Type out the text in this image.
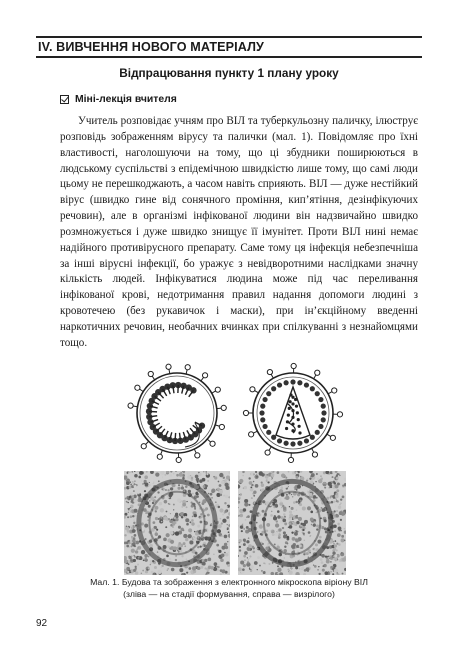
IV. ВИВЧЕННЯ НОВОГО МАТЕРІАЛУ
Відпрацювання пункту 1 плану уроку
Міні-лекція вчителя

Учитель розповідає учням про ВІЛ та туберкульозну паличку, ілюструє розповідь зображенням вірусу та палички (мал. 1). Повідомляє про їхні властивості, наголошуючи на тому, що ці збудники поширюються в людському суспільстві з епідемічною швидкістю лише тому, що самі люди цьому не перешкоджають, а часом навіть сприяють. ВІЛ — дуже нестійкий вірус (швидко гине від сонячного проміння, кип’ятіння, дезінфікуючих речовин), але в організмі інфікованої людини він надзвичайно швидко розмножується і дуже швидко знищує її імунітет. Проти ВІЛ нині немає надійного противірусного препарату. Саме тому ця інфекція небезпечніша за інші вірусні інфекції, бо уражує з невідворотними наслідками значну кількість людей. Інфікуватися людина може під час переливання інфікованої крові, недотримання правил надання допомоги людині з кровотечею (без рукавичок і маски), при ін’єкційному введенні наркотичних речовин, необачних вчинках при спілкуванні з незнайомцями тощо.

Мал. 1. Будова та зображення з електронного мікроскопа віріону ВІЛ
(зліва — на стадії формування, справа — визрілого)
92
